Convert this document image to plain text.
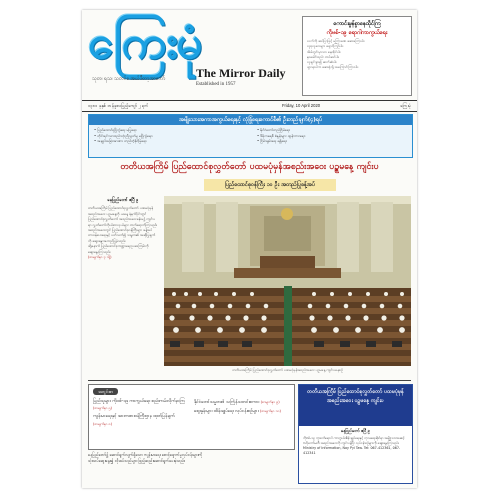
ကြေးမုံ
သုတ၊ ရသ၊ သတင်း၊ အယ်ဒီတာ့အာဘော်	The Mirror Daily
Established in 1957
ကောင်းမွန်စွာနေထိုင်ကြ
ကိုဗစ်-၁၉ ရောဂါကာကွယ်ရေး
လက်ကို ဆပ်ပြာဖြင့် မကြာခဏ ဆေးကြောပါ။
လူစုလူဝေးများ ရှောင်ကြဉ်ပါ။
အိမ်တွင်းမှာသာ နေထိုင်ပါ။
နှာခေါင်းစည်း တပ်ဆင်ပါ။
လူချင်းခွာ၍ ဆက်ဆံပါ။
ဖျားနာပါက ဆေးရုံသို့ အကြောင်းကြားပါ။
၁၃၈၁ ခုနှစ်၊ တန်ခူးလပြည့်ကျော် ၂ ရက်	Friday, 10 April 2020	ကြေးမုံ
အမျိုးသားအကာအကွယ်ရေးနှင့် လုံခြုံရေးကောင်စီ၏ ဦးတည်ချက်(၄)ရပ်

• ပြည်ထောင်စုပြိုကွဲရေး မပြုရေး၊

• တိုင်းရင်းသားစည်းလုံးညီညွတ်မှု မပြိုကွဲရေး၊

• အချုပ်အခြာအာဏာ တည်တံ့ခိုင်မြဲရေး၊

• နိုင်ငံတော်တည်ငြိမ်ရေး၊

• ဒီမိုကရေစီ စံနှုန်းများ ထွန်းကားရေး၊

• ငြိမ်းချမ်းရေး ရရှိရေး၊

တတိယအကြိမ် ပြည်ထောင်စုလွှတ်တော် ပထမပုံမှန်အစည်းအဝေး ပဉ္စမနေ့ ကျင်းပ
ပြည်ထောင်စုဝန်ကြီး ၁၀ ဦး အတည်ပြုခန့်အပ်
နေပြည်တော် ဧပြီ ၉

တတိယအကြိမ် ပြည်ထောင်စုလွှတ်တော် ပထမပုံမှန်အစည်းအဝေး ပဉ္စမနေ့ကို ယနေ့ နံနက်ပိုင်းတွင် ပြည်ထောင်စုလွှတ်တော် အစည်းအဝေးခန်းမ၌ ကျင်းပရာ လွှတ်တော်ကိုယ်စားလှယ်များ တက်ရောက်ကြသည်။

အစည်းအဝေးတွင် ပြည်ထောင်စုဝန်ကြီးများ ခန့်အပ်တာဝန်ပေးရေးနှင့် ပတ်သက်၍ သမ္မတ၏ အဆိုပြုချက်ကို ဆွေးနွေးအတည်ပြုခဲ့သည်။

ထို့နောက် ပြည်ထောင်စုဘဏ္ဍာရေးဥပဒေကြမ်းကို ဆွေးနွေးကြသည်။

(စာမျက်နှာ ၃ သို့)

တတိယအကြိမ် ပြည်ထောင်စုလွှတ်တော် ပထမပုံမှန်အစည်းအဝေး ပဉ္စမနေ့ ကျင်းပနေစဉ်
အတွင်းစာ

ပြည်သူများ ကိုဗစ်-၁၉ ကာကွယ်ရေး စည်းကမ်းလိုက်နာကြ (စာမျက်နှာ ၅)

ကျန်းမာရေးနှင့် အားကစားဝန်ကြီးဌာန ထုတ်ပြန်ချက် (စာမျက်နှာ ၈)

နိုင်ငံတော်သမ္မတ၏ သင်္ကြန်သတင်းစကား (စာမျက်နှာ ၉)

ဈေးနှုန်းများ ထိန်းချုပ်ရေး လုပ်ငန်းစဉ်များ (စာမျက်နှာ ၁၀)

နေပြည်တော်၌ ဆောင်ရွက်လျက်ရှိသော ကျန်းမာရေး စောင့်ရှောက်မှုလုပ်ငန်းများကို

သုံးသပ်ဆွေးနွေး၍ လိုအပ်သည်များ ဖြည့်ဆည်းဆောင်ရွက်ပေးခဲ့သည်။

တတိယအကြိမ် ပြည်ထောင်စုလွှတ်တော် ပထမပုံမှန်အစည်းအဝေး ပဉ္စမနေ့ ကျင်းပ
နေပြည်တော် ဧပြီ ၉
ကိုဗစ်-၁၉ ကူးစက်ရောဂါ ကာကွယ်ထိန်းချုပ်ရေးနှင့် ကုသရေးဆိုင်ရာ အမျိုးသားအဆင့် ဗဟိုကော်မတီ အစည်းအဝေးကို ကျင်းပခဲ့ပြီး လုပ်ငန်းစဉ်များကို ဆွေးနွေးကြသည်။ Ministry of Information, Nay Pyi Taw. Tel: 067-412361, 067-412341
